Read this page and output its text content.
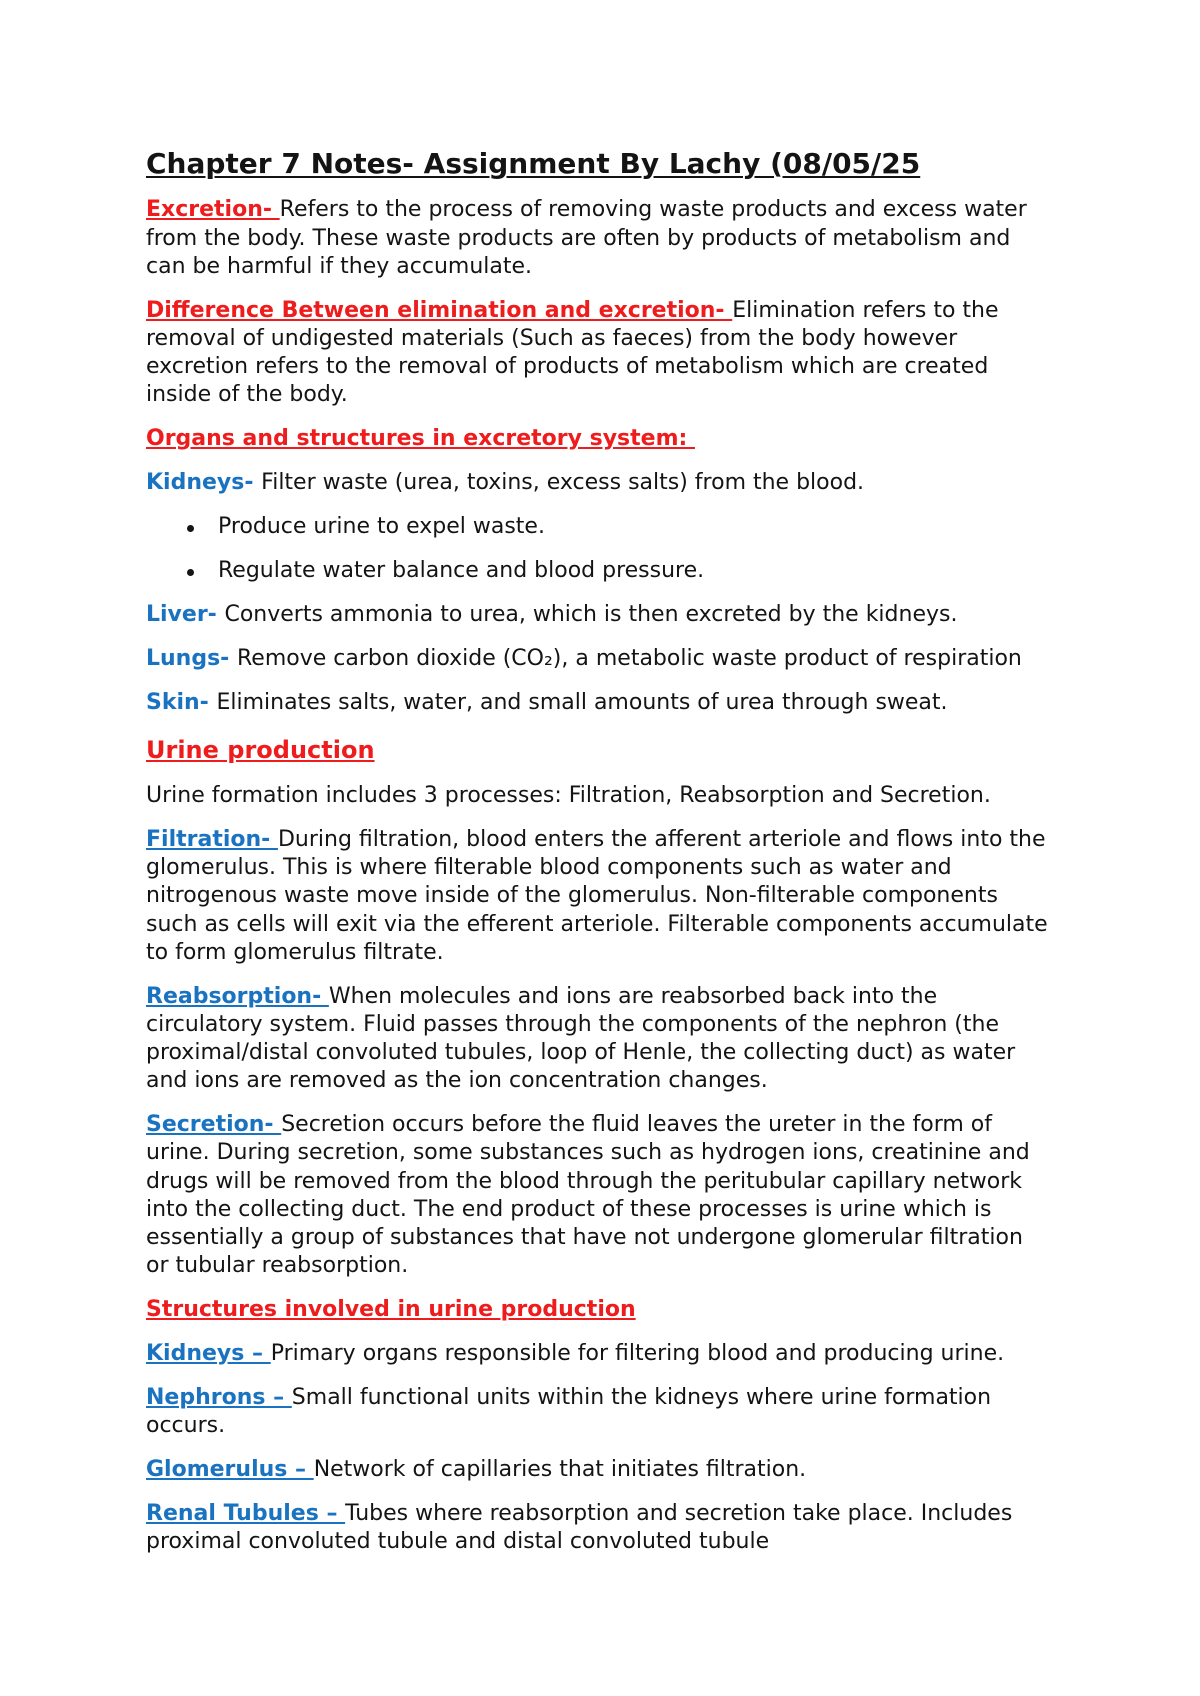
Chapter 7 Notes- Assignment By Lachy (08/05/25
Excretion- Refers to the process of removing waste products and excess water
from the body. These waste products are often by products of metabolism and
can be harmful if they accumulate.
Difference Between elimination and excretion- Elimination refers to the
removal of undigested materials (Such as faeces) from the body however
excretion refers to the removal of products of metabolism which are created
inside of the body.
Organs and structures in excretory system:
Kidneys- Filter waste (urea, toxins, excess salts) from the blood.
Produce urine to expel waste.
Regulate water balance and blood pressure.
Liver- Converts ammonia to urea, which is then excreted by the kidneys.
Lungs- Remove carbon dioxide (CO₂), a metabolic waste product of respiration
Skin- Eliminates salts, water, and small amounts of urea through sweat.
Urine production
Urine formation includes 3 processes: Filtration, Reabsorption and Secretion.
Filtration- During filtration, blood enters the afferent arteriole and flows into the
glomerulus. This is where filterable blood components such as water and
nitrogenous waste move inside of the glomerulus. Non-filterable components
such as cells will exit via the efferent arteriole. Filterable components accumulate
to form glomerulus filtrate.
Reabsorption- When molecules and ions are reabsorbed back into the
circulatory system. Fluid passes through the components of the nephron (the
proximal/distal convoluted tubules, loop of Henle, the collecting duct) as water
and ions are removed as the ion concentration changes.
Secretion- Secretion occurs before the fluid leaves the ureter in the form of
urine. During secretion, some substances such as hydrogen ions, creatinine and
drugs will be removed from the blood through the peritubular capillary network
into the collecting duct. The end product of these processes is urine which is
essentially a group of substances that have not undergone glomerular filtration
or tubular reabsorption.
Structures involved in urine production
Kidneys – Primary organs responsible for filtering blood and producing urine.
Nephrons – Small functional units within the kidneys where urine formation
occurs.
Glomerulus – Network of capillaries that initiates filtration.
Renal Tubules – Tubes where reabsorption and secretion take place. Includes
proximal convoluted tubule and distal convoluted tubule
